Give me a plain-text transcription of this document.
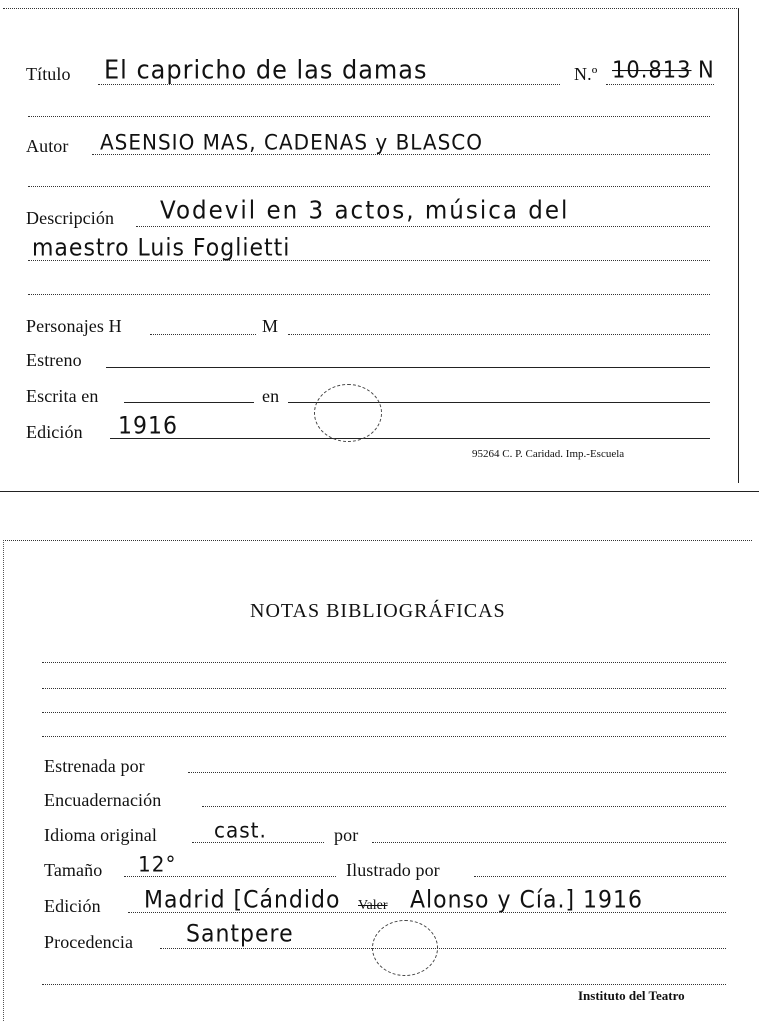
Título El capricho de las damas	N.º 10.813 N
Autor ASENSIO MAS, CADENAS y BLASCO
Descripción Vodevil en 3 actos, música del
maestro Luis Foglietti
Personajes H	M
Estreno
Escrita en	en
Edición 1916
95264 C. P. Caridad. Imp.-Escuela
NOTAS BIBLIOGRÁFICAS
Estrenada por
Encuadernación
Idioma original	cast.	por
Tamaño 12°	Ilustrado por
Edición Madrid [Cándido Valer Alonso y Cía.] 1916
Procedencia Santpere
Instituto del Teatro
